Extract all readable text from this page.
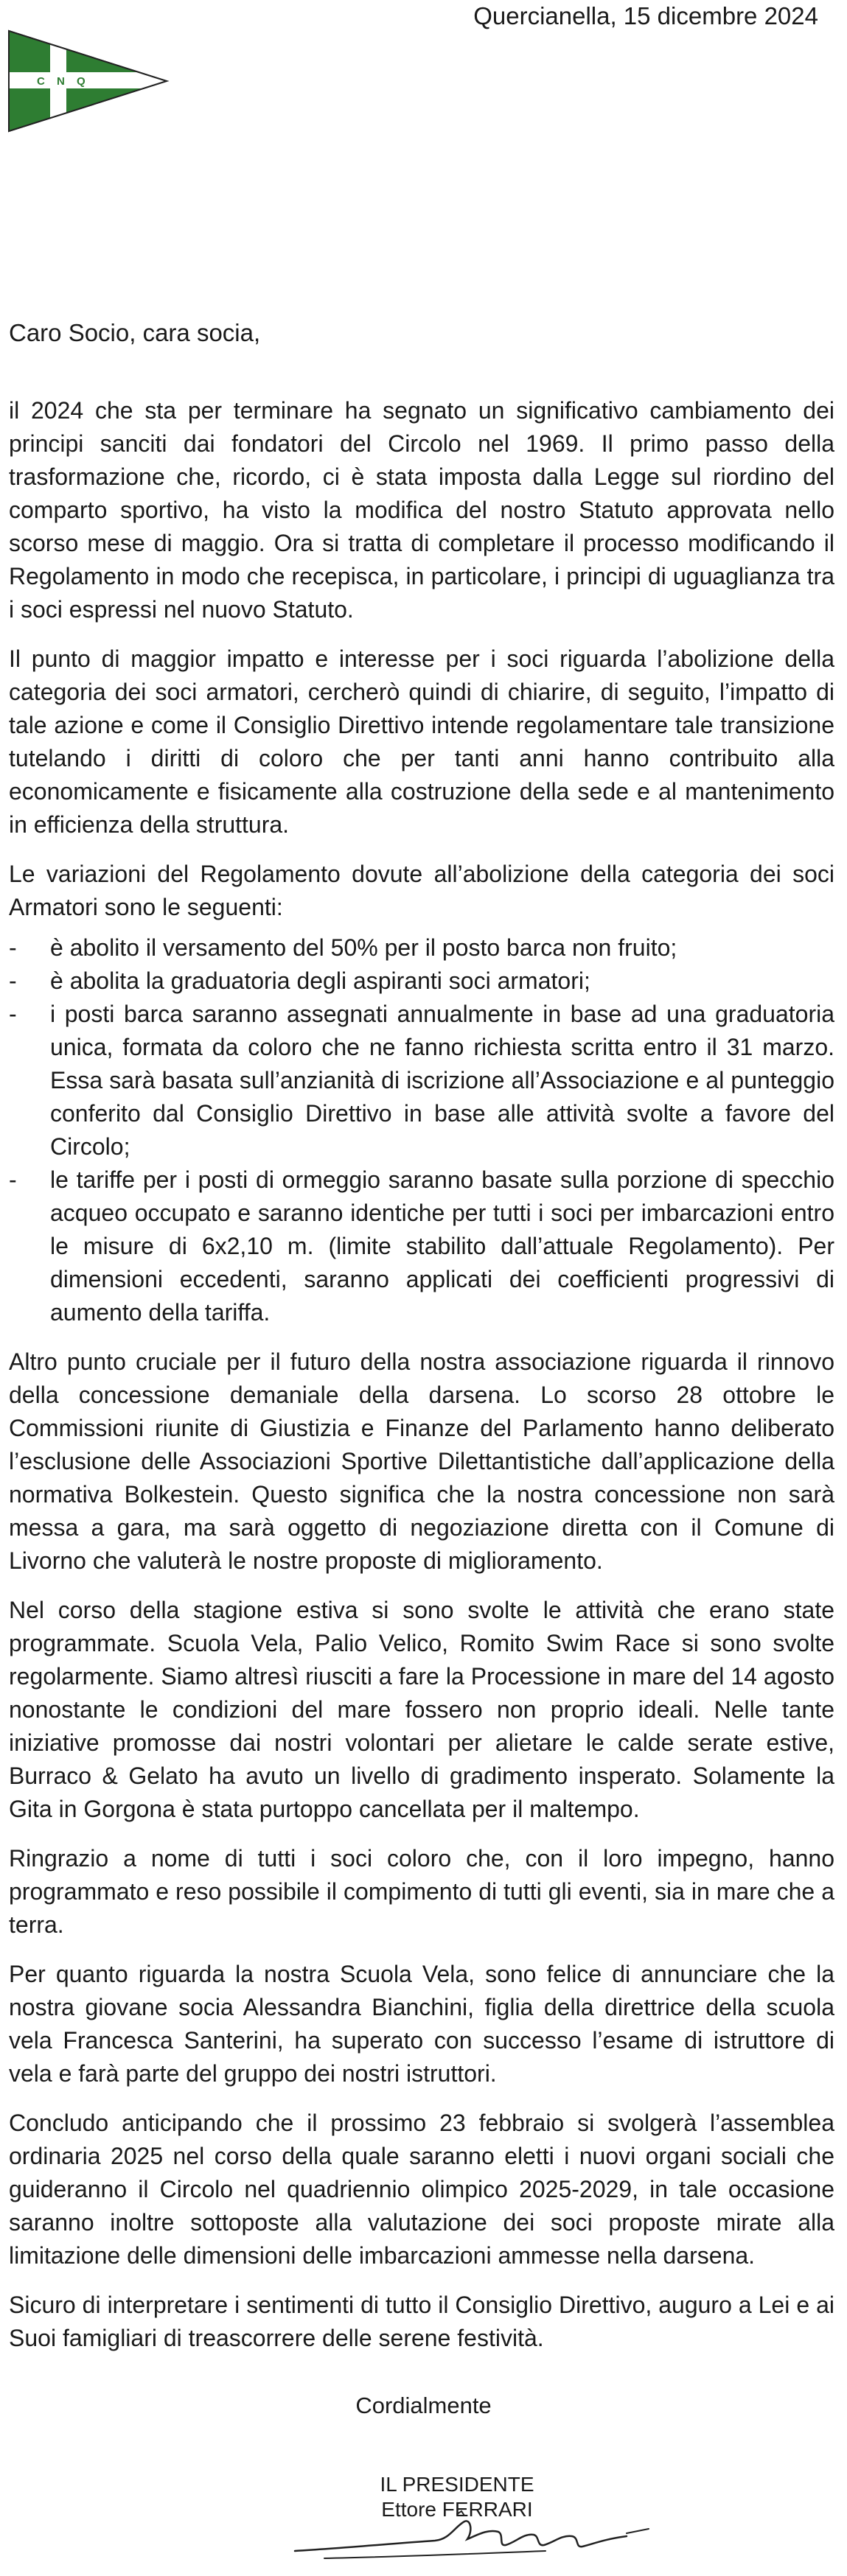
Quercianella, 15 dicembre 2024
C N Q
Caro Socio, cara socia,

il 2024 che sta per terminare ha segnato un significativo cambiamento dei principi sanciti dai fondatori del Circolo nel 1969. Il primo passo della trasformazione che, ricordo, ci è stata imposta dalla Legge sul riordino del comparto sportivo, ha visto la modifica del nostro Statuto approvata nello scorso mese di maggio. Ora si tratta di completare il processo modificando il Regolamento in modo che recepisca, in particolare, i principi di uguaglianza tra i soci espressi nel nuovo Statuto.

Il punto di maggior impatto e interesse per i soci riguarda l’abolizione della categoria dei soci armatori, cercherò quindi di chiarire, di seguito, l’impatto di tale azione e come il Consiglio Direttivo intende regolamentare tale transizione tutelando i diritti di coloro che per tanti anni hanno contribuito alla economicamente e fisicamente alla costruzione della sede e al mantenimento in efficienza della struttura.

Le variazioni del Regolamento dovute all’abolizione della categoria dei soci Armatori sono le seguenti:

- è abolito il versamento del 50% per il posto barca non fruito;
- è abolita la graduatoria degli aspiranti soci armatori;
- i posti barca saranno assegnati annualmente in base ad una graduatoria unica, formata da coloro che ne fanno richiesta scritta entro il 31 marzo. Essa sarà basata sull’anzianità di iscrizione all’Associazione e al punteggio conferito dal Consiglio Direttivo in base alle attività svolte a favore del Circolo;
- le tariffe per i posti di ormeggio saranno basate sulla porzione di specchio acqueo occupato e saranno identiche per tutti i soci per imbarcazioni entro le misure di 6x2,10 m. (limite stabilito dall’attuale Regolamento). Per dimensioni eccedenti, saranno applicati dei coefficienti progressivi di aumento della tariffa.

Altro punto cruciale per il futuro della nostra associazione riguarda il rinnovo della concessione demaniale della darsena. Lo scorso 28 ottobre le Commissioni riunite di Giustizia e Finanze del Parlamento hanno deliberato l’esclusione delle Associazioni Sportive Dilettantistiche dall’applicazione della normativa Bolkestein. Questo significa che la nostra concessione non sarà messa a gara, ma sarà oggetto di negoziazione diretta con il Comune di Livorno che valuterà le nostre proposte di miglioramento.

Nel corso della stagione estiva si sono svolte le attività che erano state programmate. Scuola Vela, Palio Velico, Romito Swim Race si sono svolte regolarmente. Siamo altresì riusciti a fare la Processione in mare del 14 agosto nonostante le condizioni del mare fossero non proprio ideali. Nelle tante iniziative promosse dai nostri volontari per alietare le calde serate estive, Burraco & Gelato ha avuto un livello di gradimento insperato. Solamente la Gita in Gorgona è stata purtoppo cancellata per il maltempo.

Ringrazio a nome di tutti i soci coloro che, con il loro impegno, hanno programmato e reso possibile il compimento di tutti gli eventi, sia in mare che a terra.

Per quanto riguarda la nostra Scuola Vela, sono felice di annunciare che la nostra giovane socia Alessandra Bianchini, figlia della direttrice della scuola vela Francesca Santerini, ha superato con successo l’esame di istruttore di vela e farà parte del gruppo dei nostri istruttori.

Concludo anticipando che il prossimo 23 febbraio si svolgerà l’assemblea ordinaria 2025 nel corso della quale saranno eletti i nuovi organi sociali che guideranno il Circolo nel quadriennio olimpico 2025-2029, in tale occasione saranno inoltre sottoposte alla valutazione dei soci proposte mirate alla limitazione delle dimensioni delle imbarcazioni ammesse nella darsena.

Sicuro di interpretare i sentimenti di tutto il Consiglio Direttivo, auguro a Lei e ai Suoi famigliari di treascorrere delle serene festività.

Cordialmente
IL PRESIDENTE
Ettore FERRARI
